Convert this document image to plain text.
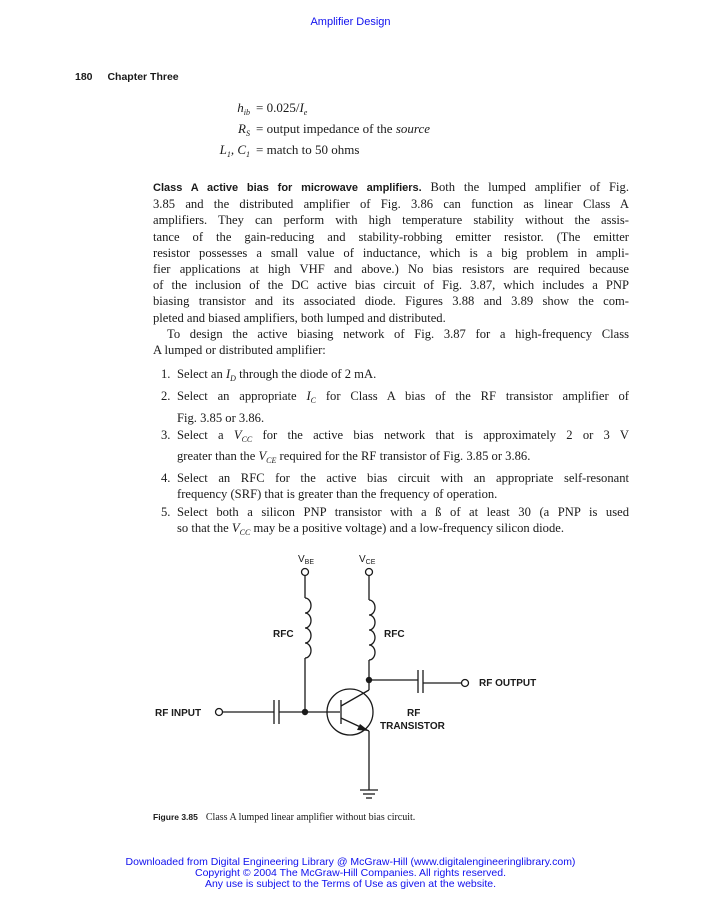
Amplifier Design
180 Chapter Three
$h_{ib} = 0.025/I_e$
$R_S$ = output impedance of the source
$L_1$, $C_1$ = match to 50 ohms
Class A active bias for microwave amplifiers. Both the lumped amplifier of Fig.
3.85 and the distributed amplifier of Fig. 3.86 can function as linear Class A
amplifiers. They can perform with high temperature stability without the assis-
tance of the gain-reducing and stability-robbing emitter resistor. (The emitter
resistor possesses a small value of inductance, which is a big problem in ampli-
fier applications at high VHF and above.) No bias resistors are required because
of the inclusion of the DC active bias circuit of Fig. 3.87, which includes a PNP
biasing transistor and its associated diode. Figures 3.88 and 3.89 show the com-
pleted and biased amplifiers, both lumped and distributed.
To design the active biasing network of Fig. 3.87 for a high-frequency Class
A lumped or distributed amplifier:
1. Select an $I_D$ through the diode of 2 mA.
2. Select an appropriate $I_C$ for Class A bias of the RF transistor amplifier of
Fig. 3.85 or 3.86.
3. Select a $V_{CC}$ for the active bias network that is approximately 2 or 3 V
greater than the $V_{CE}$ required for the RF transistor of Fig. 3.85 or 3.86.
4. Select an RFC for the active bias circuit with an appropriate self-resonant
frequency (SRF) that is greater than the frequency of operation.
5. Select both a silicon PNP transistor with a ß of at least 30 (a PNP is used
so that the $V_{CC}$ may be a positive voltage) and a low-frequency silicon diode.
$V_{BE}$	$V_{CE}$
RFC	RFC
RF INPUT
RF OUTPUT
RF
TRANSISTOR
Figure 3.85 Class A lumped linear amplifier without bias circuit.
Downloaded from Digital Engineering Library @ McGraw-Hill (www.digitalengineeringlibrary.com)
Copyright © 2004 The McGraw-Hill Companies. All rights reserved.
Any use is subject to the Terms of Use as given at the website.
